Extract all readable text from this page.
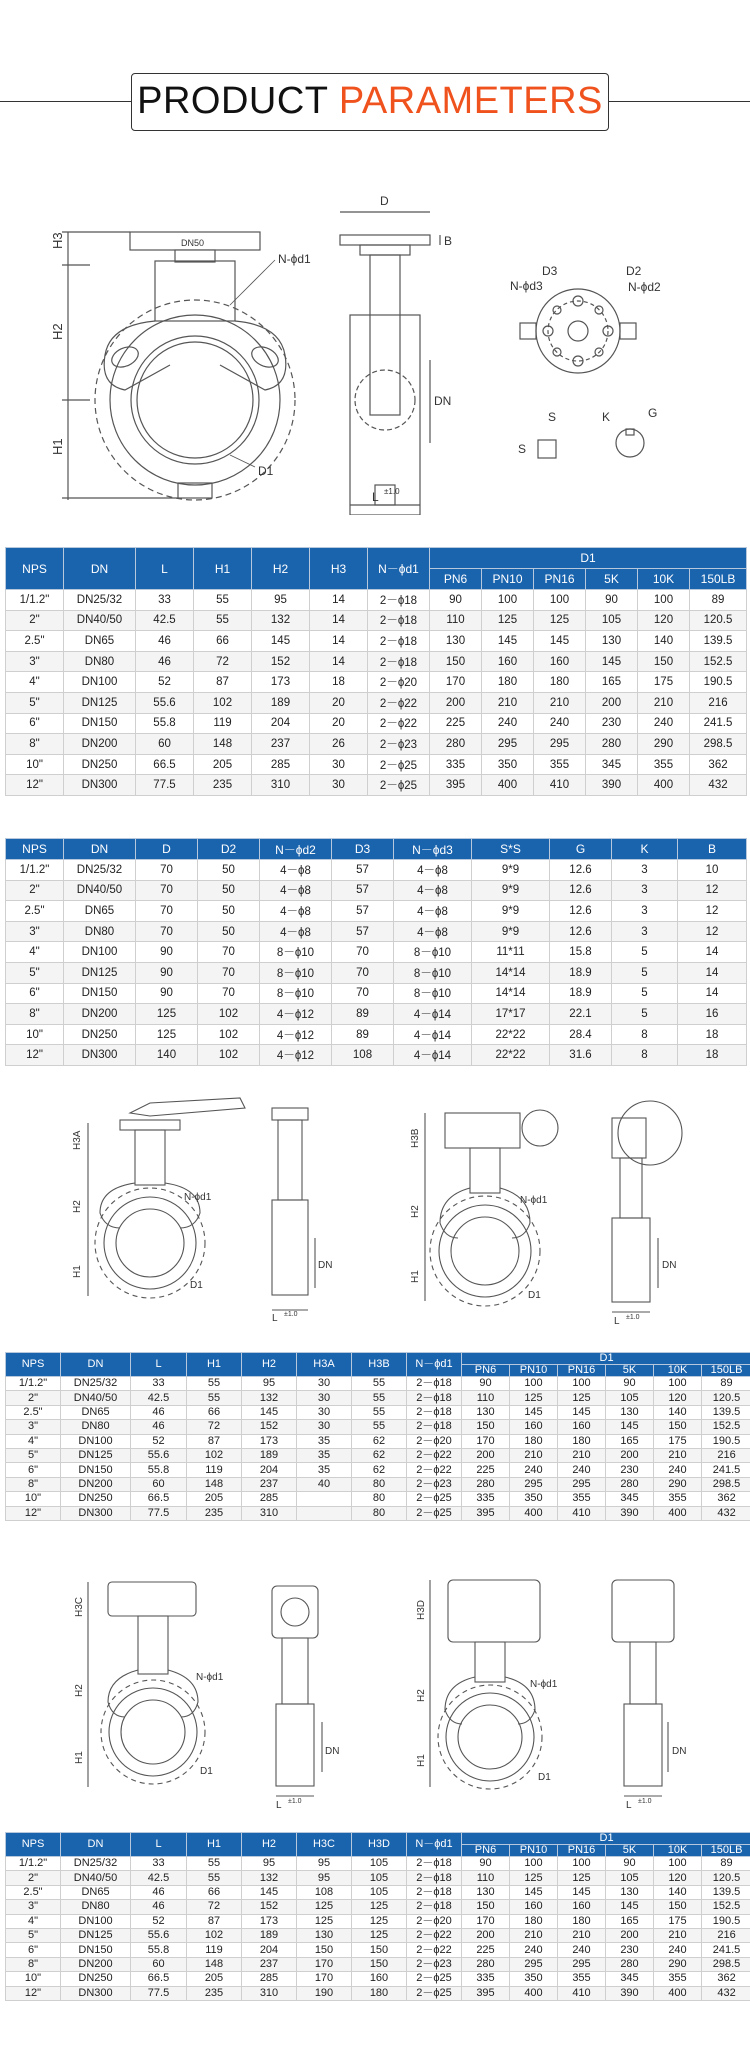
PRODUCT PARAMETERS
H3
H2
H1
N-ϕd1
D1
DN50
D
B
DN
L ±1.0
D3	D2
N-ϕd3	N-ϕd2
S
S
K	G
NPS	DN	L	H1	H2	H3	N－ϕd1	D1					
							PN6	PN10	PN16	5K	10K	150LB
1/1.2"	DN25/32	33	55	95	14	2－ϕ18	90	100	100	90	100	89
2"	DN40/50	42.5	55	132	14	2－ϕ18	110	125	125	105	120	120.5
2.5"	DN65	46	66	145	14	2－ϕ18	130	145	145	130	140	139.5
3"	DN80	46	72	152	14	2－ϕ18	150	160	160	145	150	152.5
4"	DN100	52	87	173	18	2－ϕ20	170	180	180	165	175	190.5
5"	DN125	55.6	102	189	20	2－ϕ22	200	210	210	200	210	216
6"	DN150	55.8	119	204	20	2－ϕ22	225	240	240	230	240	241.5
8"	DN200	60	148	237	26	2－ϕ23	280	295	295	280	290	298.5
10"	DN250	66.5	205	285	30	2－ϕ25	335	350	355	345	355	362
12"	DN300	77.5	235	310	30	2－ϕ25	395	400	410	390	400	432
NPS	DN	D	D2	N－ϕd2	D3	N－ϕd3	S*S	G	K	B
1/1.2"	DN25/32	70	50	4－ϕ8	57	4－ϕ8	9*9	12.6	3	10
2"	DN40/50	70	50	4－ϕ8	57	4－ϕ8	9*9	12.6	3	12
2.5"	DN65	70	50	4－ϕ8	57	4－ϕ8	9*9	12.6	3	12
3"	DN80	70	50	4－ϕ8	57	4－ϕ8	9*9	12.6	3	12
4"	DN100	90	70	8－ϕ10	70	8－ϕ10	11*11	15.8	5	14
5"	DN125	90	70	8－ϕ10	70	8－ϕ10	14*14	18.9	5	14
6"	DN150	90	70	8－ϕ10	70	8－ϕ10	14*14	18.9	5	14
8"	DN200	125	102	4－ϕ12	89	4－ϕ14	17*17	22.1	5	16
10"	DN250	125	102	4－ϕ12	89	4－ϕ14	22*22	28.4	8	18
12"	DN300	140	102	4－ϕ12	108	4－ϕ14	22*22	31.6	8	18
H3A
H2
H1
N-ϕd1
D1
DN
L ±1.0
H3B
H2
H1
N-ϕd1
D1
DN
L ±1.0
NPS	DN	L	H1	H2	H3A	H3B	N－ϕd1	D1					
								PN6	PN10	PN16	5K	10K	150LB
1/1.2"	DN25/32	33	55	95	30	55	2－ϕ18	90	100	100	90	100	89
2"	DN40/50	42.5	55	132	30	55	2－ϕ18	110	125	125	105	120	120.5
2.5"	DN65	46	66	145	30	55	2－ϕ18	130	145	145	130	140	139.5
3"	DN80	46	72	152	30	55	2－ϕ18	150	160	160	145	150	152.5
4"	DN100	52	87	173	35	62	2－ϕ20	170	180	180	165	175	190.5
5"	DN125	55.6	102	189	35	62	2－ϕ22	200	210	210	200	210	216
6"	DN150	55.8	119	204	35	62	2－ϕ22	225	240	240	230	240	241.5
8"	DN200	60	148	237	40	80	2－ϕ23	280	295	295	280	290	298.5
10"	DN250	66.5	205	285		80	2－ϕ25	335	350	355	345	355	362
12"	DN300	77.5	235	310		80	2－ϕ25	395	400	410	390	400	432
H3C
H2
H1
N-ϕd1
D1
DN
L ±1.0
H3D
H2
H1
N-ϕd1
D1
DN
L ±1.0
NPS	DN	L	H1	H2	H3C	H3D	N－ϕd1	D1					
								PN6	PN10	PN16	5K	10K	150LB
1/1.2"	DN25/32	33	55	95	95	105	2－ϕ18	90	100	100	90	100	89
2"	DN40/50	42.5	55	132	95	105	2－ϕ18	110	125	125	105	120	120.5
2.5"	DN65	46	66	145	108	105	2－ϕ18	130	145	145	130	140	139.5
3"	DN80	46	72	152	125	125	2－ϕ18	150	160	160	145	150	152.5
4"	DN100	52	87	173	125	125	2－ϕ20	170	180	180	165	175	190.5
5"	DN125	55.6	102	189	130	125	2－ϕ22	200	210	210	200	210	216
6"	DN150	55.8	119	204	150	150	2－ϕ22	225	240	240	230	240	241.5
8"	DN200	60	148	237	170	150	2－ϕ23	280	295	295	280	290	298.5
10"	DN250	66.5	205	285	170	160	2－ϕ25	335	350	355	345	355	362
12"	DN300	77.5	235	310	190	180	2－ϕ25	395	400	410	390	400	432
